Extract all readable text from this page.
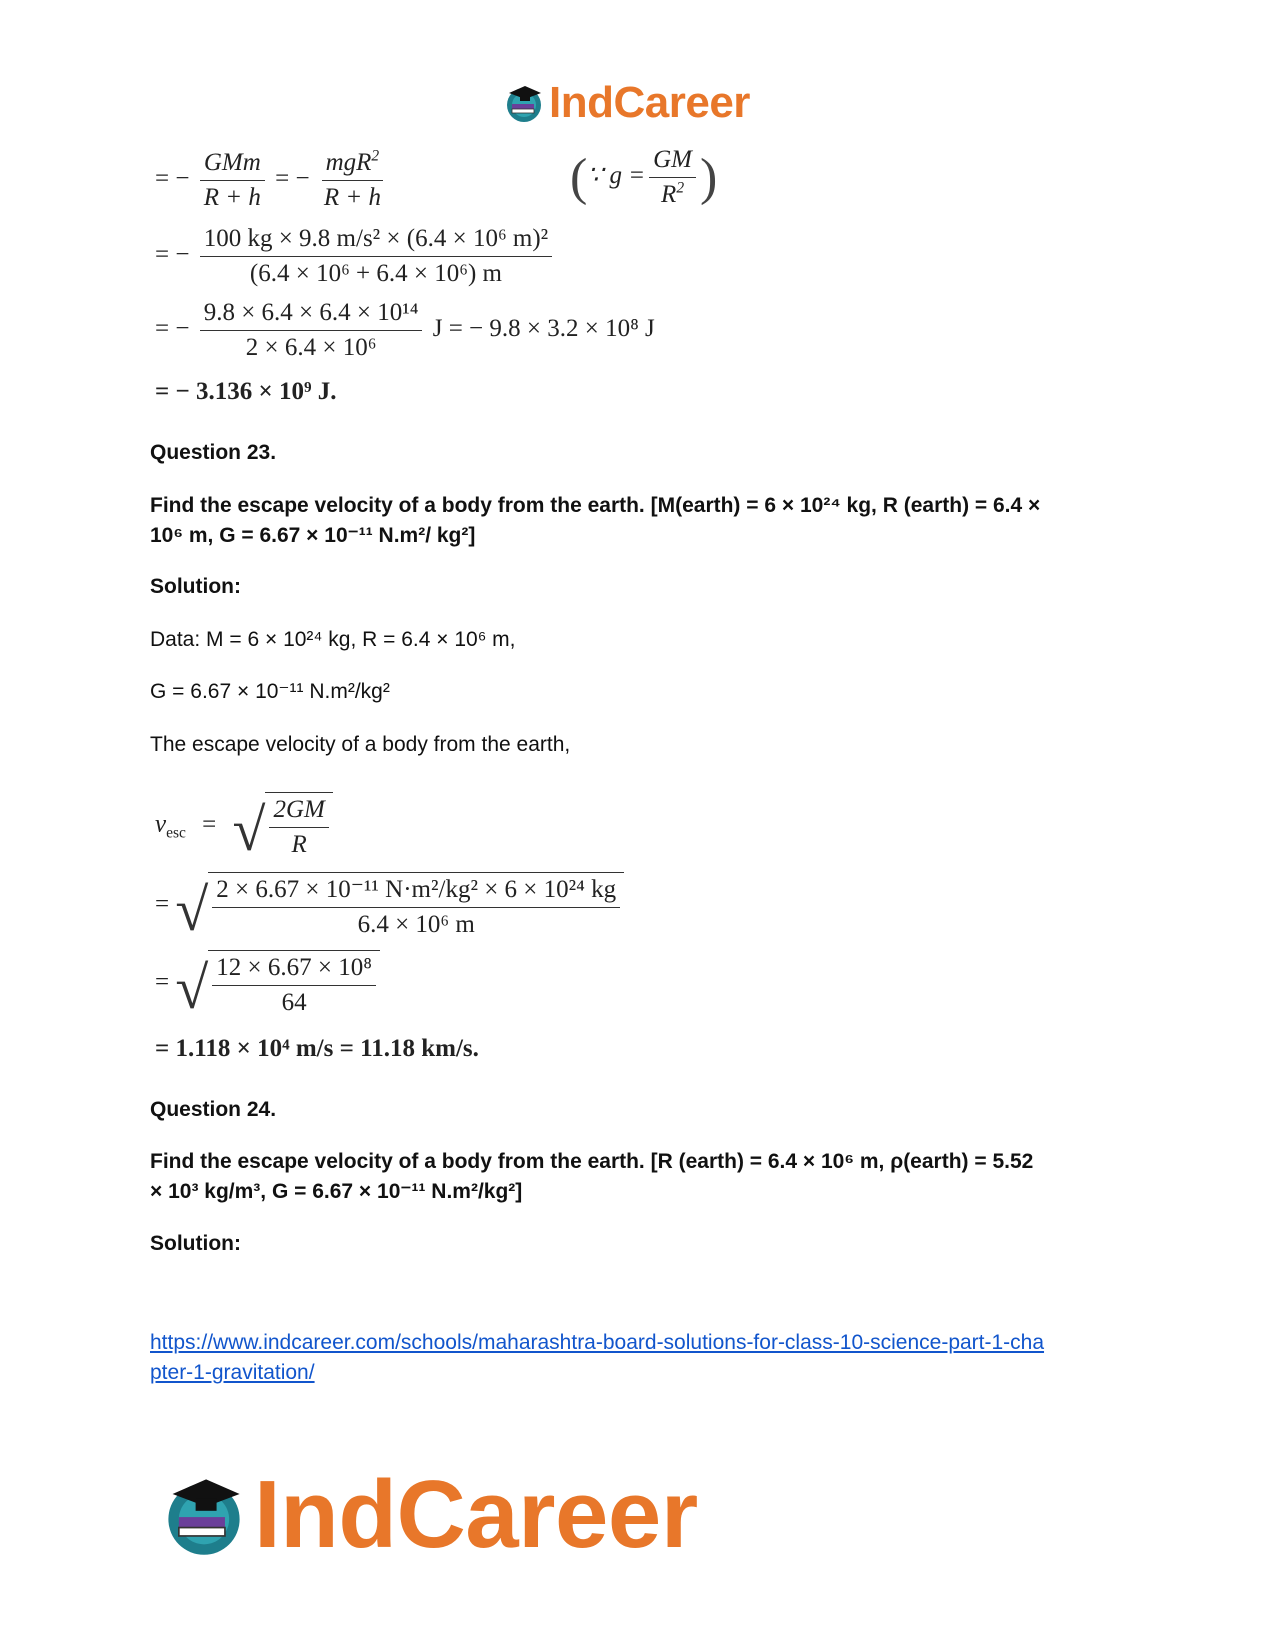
IndCareer
= − $\frac{\text{GMm}}{R + h}$ = − $\frac{mgR^2}{R + h}$	(∵ $g = \frac{GM}{R^2}$ )
= − $\frac{\text{100 kg × 9.8 m/s² × (6.4 × 10⁶ m)²}}{\text{(6.4 × 10⁶ + 6.4 × 10⁶) m}}$
= − $\frac{\text{9.8 × 6.4 × 6.4 × 10¹⁴}}{\text{2 × 6.4 × 10⁶}}$ J = − 9.8 × 3.2 × 10⁸ J
= − 3.136 × 10⁹ J.
Question 23.
Find the escape velocity of a body from the earth. [M(earth) = 6 × 10²⁴ kg, R (earth) = 6.4 ×
10⁶ m, G = 6.67 × 10⁻¹¹ N.m²/ kg²]
Solution:
Data: M = 6 × 10²⁴ kg, R = 6.4 × 10⁶ m,
G = 6.67 × 10⁻¹¹ N.m²/kg²
The escape velocity of a body from the earth,
$v_{esc}$ = √ $\frac{2GM}{R}$
= √ $\frac{\text{2 × 6.67 × 10⁻¹¹ N·m²/kg² × 6 × 10²⁴ kg}}{\text{6.4 × 10⁶ m}}$
= √ $\frac{\text{12 × 6.67 × 10⁸}}{64}$
= 1.118 × 10⁴ m/s = 11.18 km/s.
Question 24.
Find the escape velocity of a body from the earth. [R (earth) = 6.4 × 10⁶ m, ρ(earth) = 5.52
× 10³ kg/m³, G = 6.67 × 10⁻¹¹ N.m²/kg²]
Solution:
https://www.indcareer.com/schools/maharashtra-board-solutions-for-class-10-science-part-1-cha
pter-1-gravitation/
IndCareer
